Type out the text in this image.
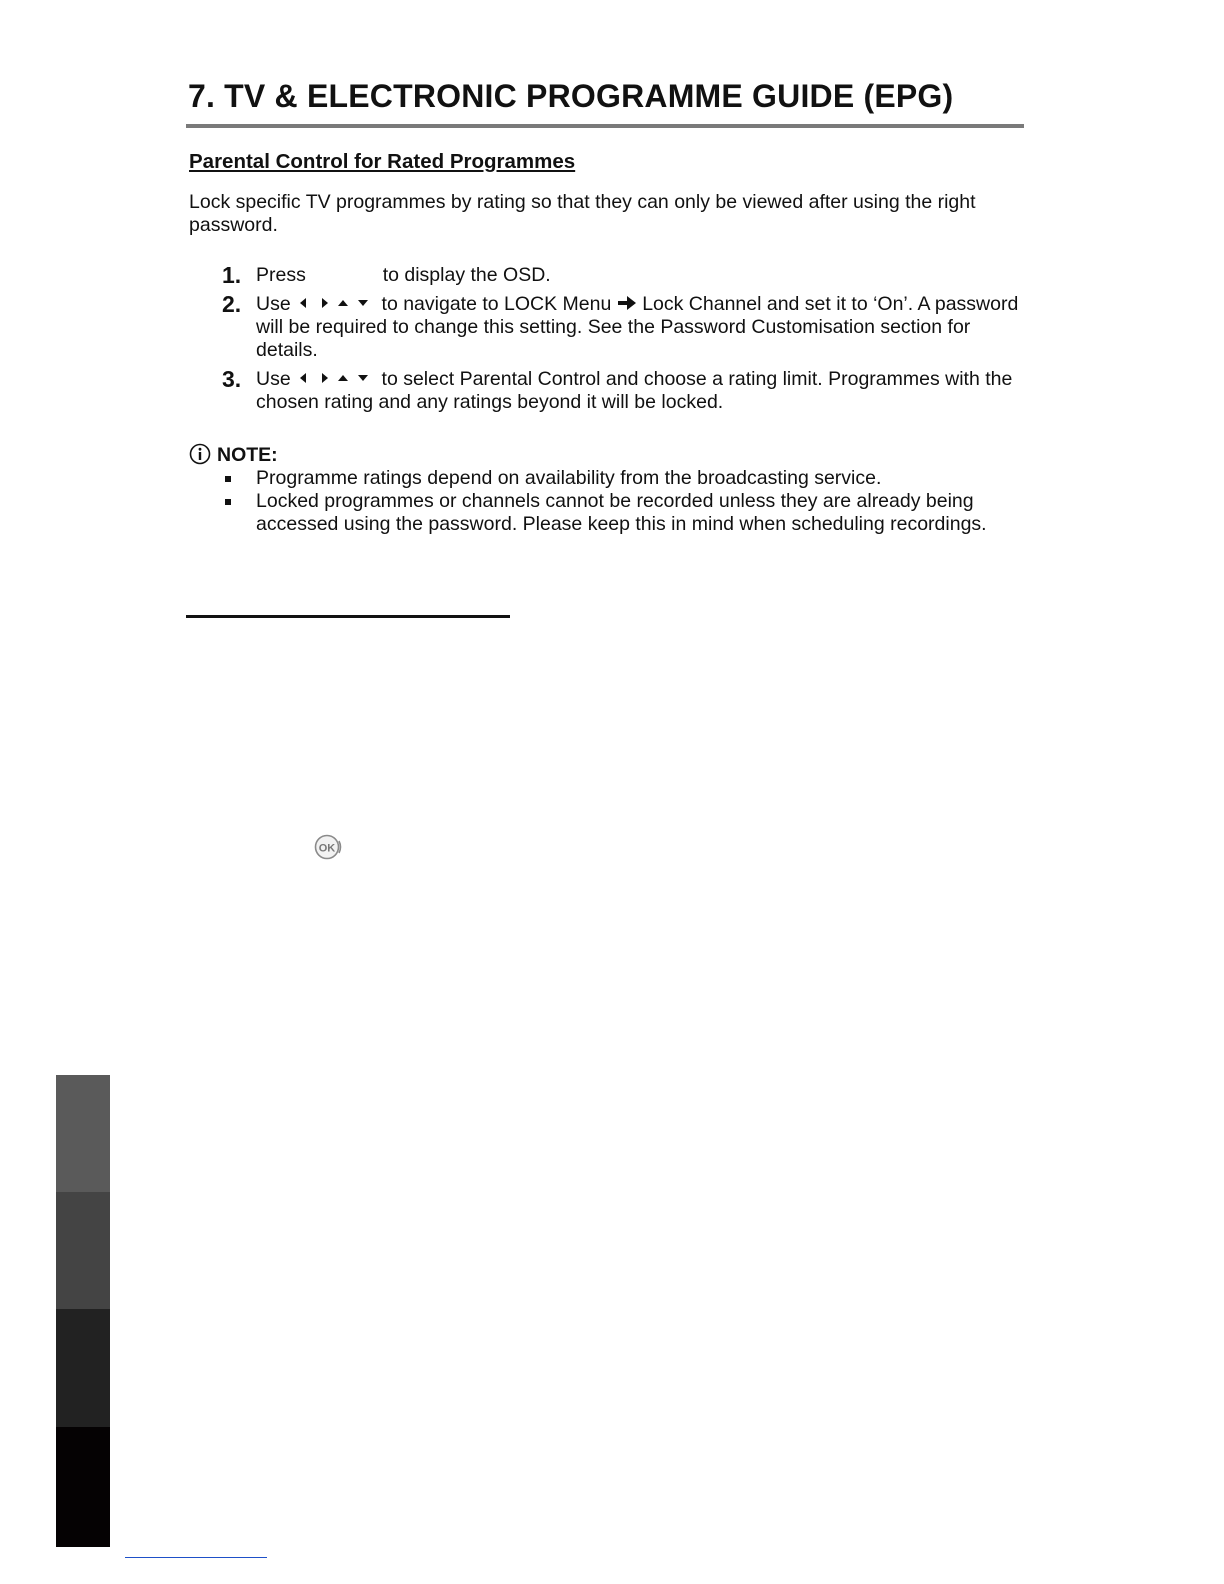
7. TV & ELECTRONIC PROGRAMME GUIDE (EPG)
Parental Control for Rated Programmes
Lock specific TV programmes by rating so that they can only be viewed after using the right password.
1. Press	to display the OSD.
2. Use	to navigate to LOCK Menu Lock Channel and set it to ‘On’. A password will be required to change this setting. See the Password Customisation section for details.
3. Use	to select Parental Control and choose a rating limit. Programmes with the chosen rating and any ratings beyond it will be locked.
NOTE:
Programme ratings depend on availability from the broadcasting service.
Locked programmes or channels cannot be recorded unless they are already being accessed using the password. Please keep this in mind when scheduling recordings.
OK
